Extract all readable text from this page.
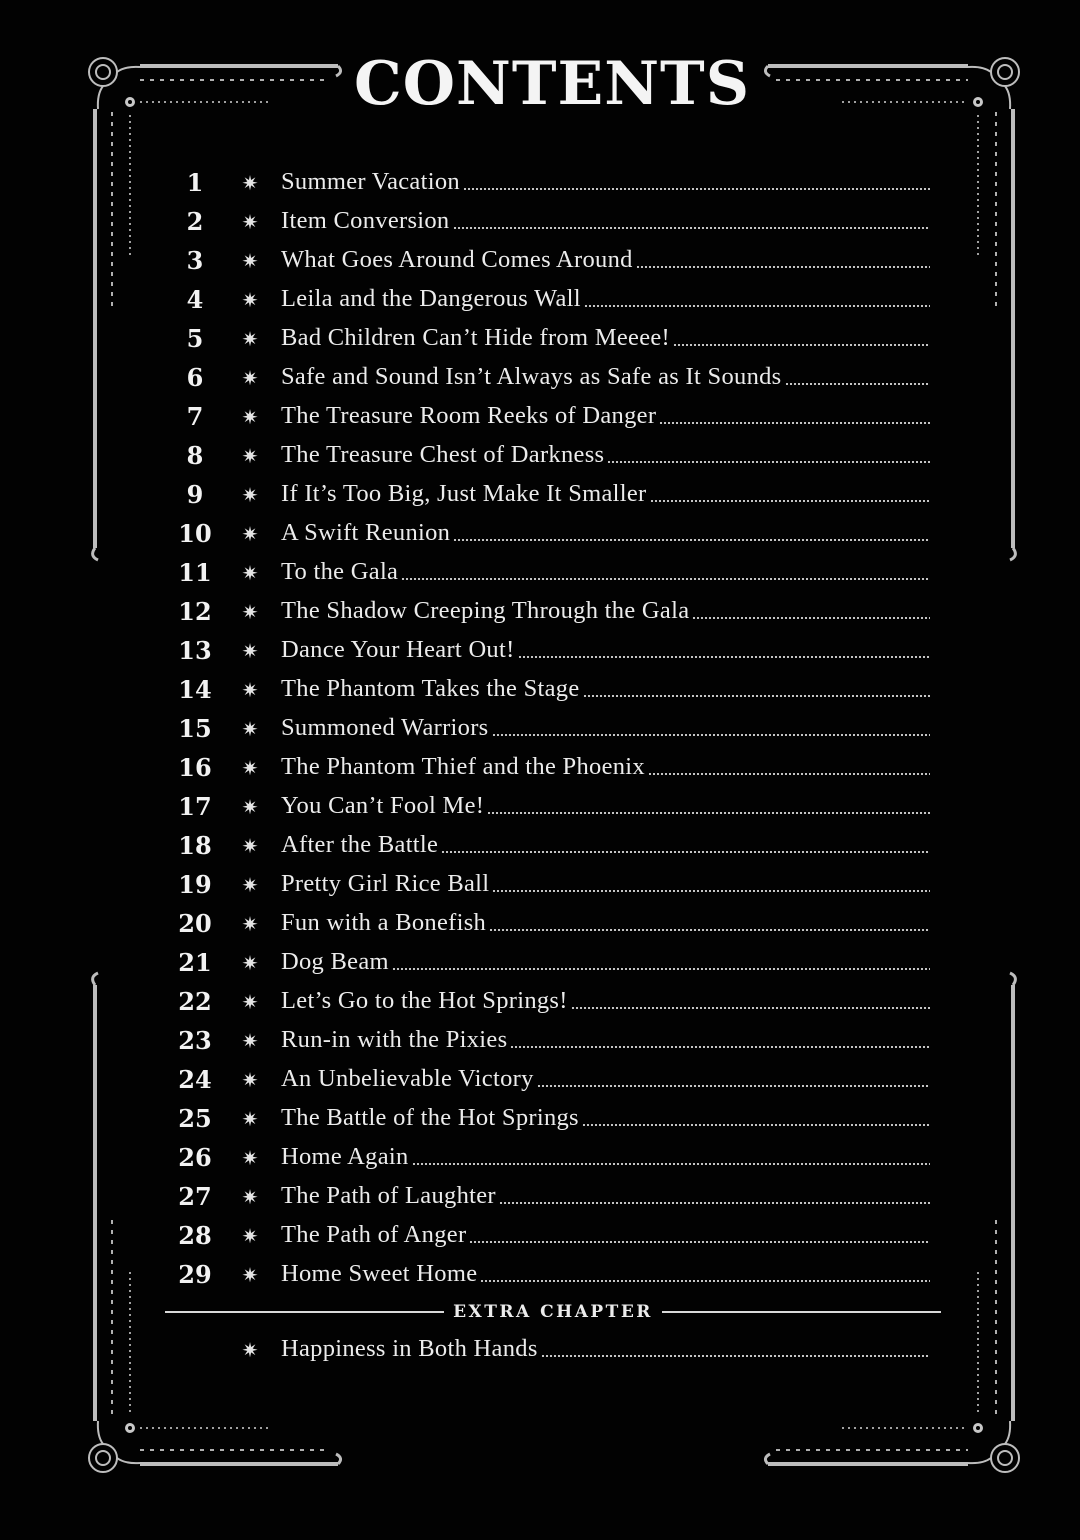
CONTENTS
1	✷ Summer Vacation
2	✷ Item Conversion
3	✷ What Goes Around Comes Around
4	✷ Leila and the Dangerous Wall
5	✷ Bad Children Can’t Hide from Meeee!
6	✷ Safe and Sound Isn’t Always as Safe as It Sounds
7	✷ The Treasure Room Reeks of Danger
8	✷ The Treasure Chest of Darkness
9	✷ If It’s Too Big, Just Make It Smaller
10	✷ A Swift Reunion
11	✷ To the Gala
12	✷ The Shadow Creeping Through the Gala
13	✷ Dance Your Heart Out!
14	✷ The Phantom Takes the Stage
15	✷ Summoned Warriors
16	✷ The Phantom Thief and the Phoenix
17	✷ You Can’t Fool Me!
18	✷ After the Battle
19	✷ Pretty Girl Rice Ball
20	✷ Fun with a Bonefish
21	✷ Dog Beam
22	✷ Let’s Go to the Hot Springs!
23	✷ Run-in with the Pixies
24	✷ An Unbelievable Victory
25	✷ The Battle of the Hot Springs
26	✷ Home Again
27	✷ The Path of Laughter
28	✷ The Path of Anger
29	✷ Home Sweet Home
EXTRA CHAPTER
✷ Happiness in Both Hands
